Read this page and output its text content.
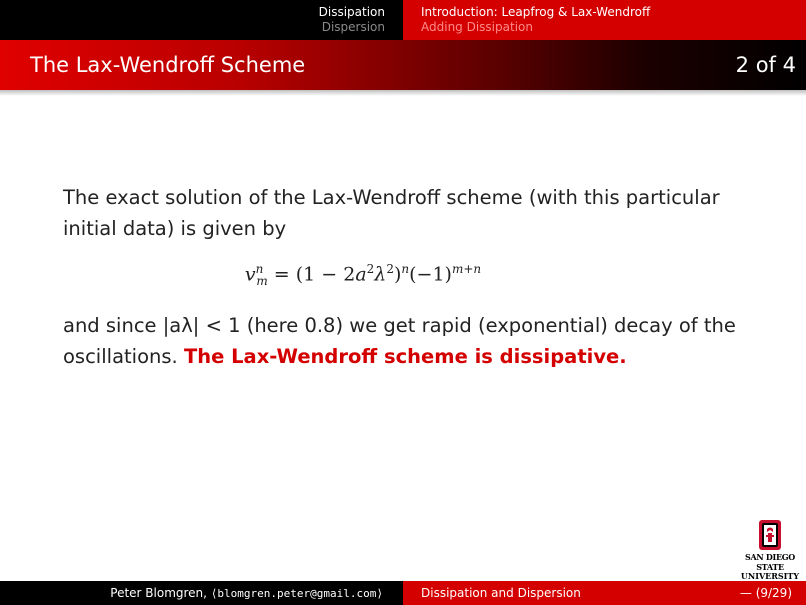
Dissipation
Dispersion
Introduction: Leapfrog & Lax-Wendroff
Adding Dissipation
The Lax-Wendroff Scheme	2 of 4

The exact solution of the Lax-Wendroff scheme (with this particular initial data) is given by

$v^n_m = (1 - 2a^2\lambda^2)^n(-1)^{m+n}$

and since |aλ| < 1 (here 0.8) we get rapid (exponential) decay of the oscillations. The Lax-Wendroff scheme is dissipative.

SAN DIEGO STATE
UNIVERSITY
Peter Blomgren, ⟨blomgren.peter@gmail.com⟩	Dissipation and Dispersion	— (9/29)
